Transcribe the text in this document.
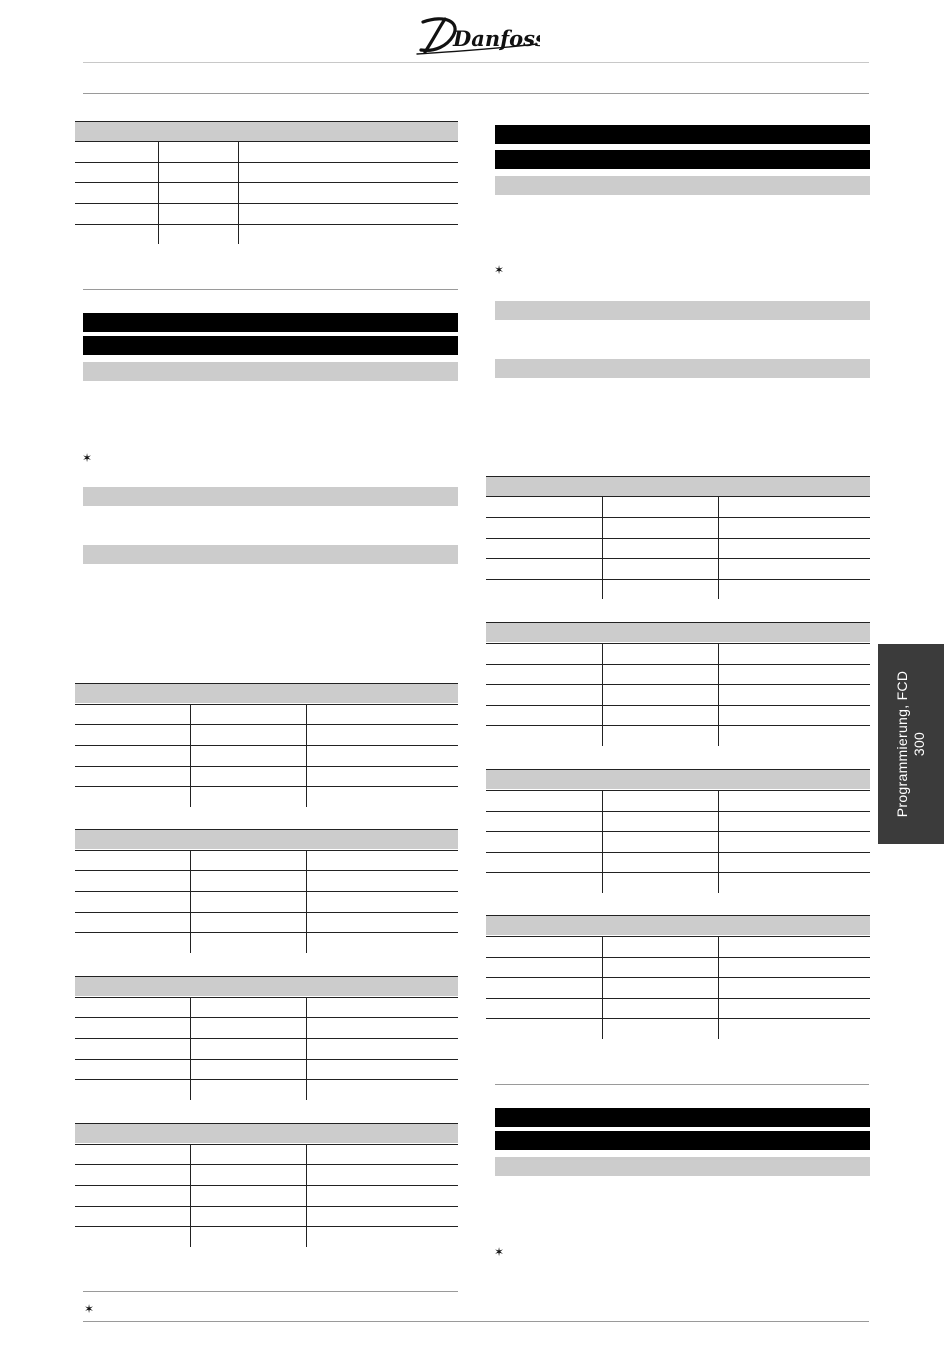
Danfoss
✶
✶
✶
✶
Programmierung, FCD 300
